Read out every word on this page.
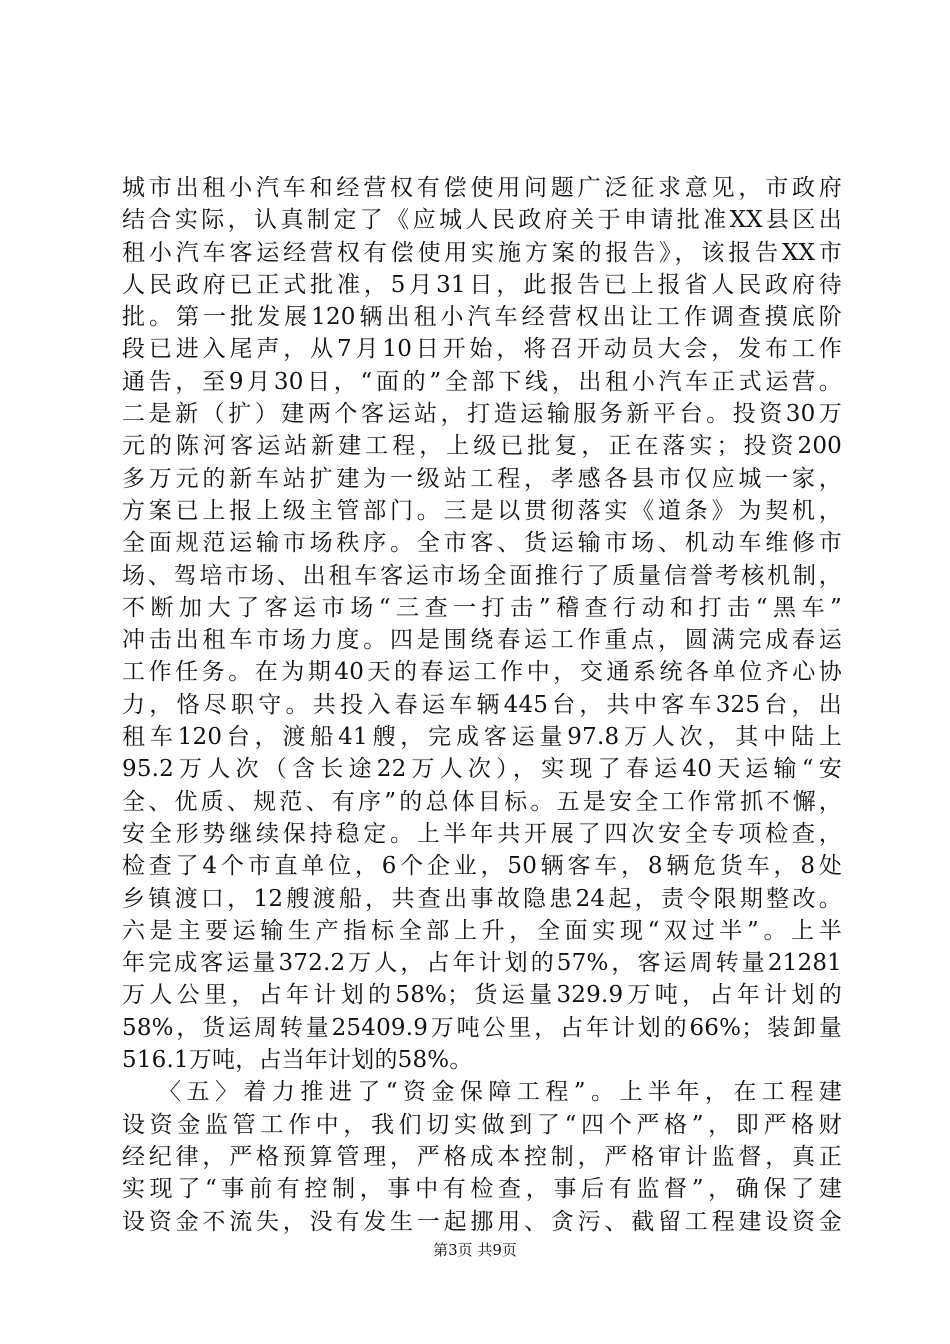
城市出租小汽车和经营权有偿使用问题广泛征求意见，市政府
结合实际，认真制定了《应城人民政府关于申请批准XX县区出
租小汽车客运经营权有偿使用实施方案的报告》，该报告XX市
人民政府已正式批准，5月31日，此报告已上报省人民政府待
批。第一批发展120辆出租小汽车经营权出让工作调查摸底阶
段已进入尾声，从7月10日开始，将召开动员大会，发布工作
通告，至9月30日，“面的”全部下线，出租小汽车正式运营。
二是新（扩）建两个客运站，打造运输服务新平台。投资30万
元的陈河客运站新建工程，上级已批复，正在落实；投资200
多万元的新车站扩建为一级站工程，孝感各县市仅应城一家，
方案已上报上级主管部门。三是以贯彻落实《道条》为契机，
全面规范运输市场秩序。全市客、货运输市场、机动车维修市
场、驾培市场、出租车客运市场全面推行了质量信誉考核机制，
不断加大了客运市场“三查一打击”稽查行动和打击“黑车”
冲击出租车市场力度。四是围绕春运工作重点，圆满完成春运
工作任务。在为期40天的春运工作中，交通系统各单位齐心协
力，恪尽职守。共投入春运车辆445台，共中客车325台，出
租车120台，渡船41艘，完成客运量97.8万人次，其中陆上
95.2万人次（含长途22万人次），实现了春运40天运输“安
全、优质、规范、有序”的总体目标。五是安全工作常抓不懈，
安全形势继续保持稳定。上半年共开展了四次安全专项检查，
检查了4个市直单位，6个企业，50辆客车，8辆危货车，8处
乡镇渡口，12艘渡船，共查出事故隐患24起，责令限期整改。
六是主要运输生产指标全部上升，全面实现“双过半”。上半
年完成客运量372.2万人，占年计划的57%，客运周转量21281
万人公里，占年计划的58%；货运量329.9万吨，占年计划的
58%，货运周转量25409.9万吨公里，占年计划的66%；装卸量
516.1万吨，占当年计划的58%。
〈五〉着力推进了“资金保障工程”。上半年，在工程建
设资金监管工作中，我们切实做到了“四个严格”，即严格财
经纪律，严格预算管理，严格成本控制，严格审计监督，真正
实现了“事前有控制，事中有检查，事后有监督”，确保了建
设资金不流失，没有发生一起挪用、贪污、截留工程建设资金
第3页 共9页
